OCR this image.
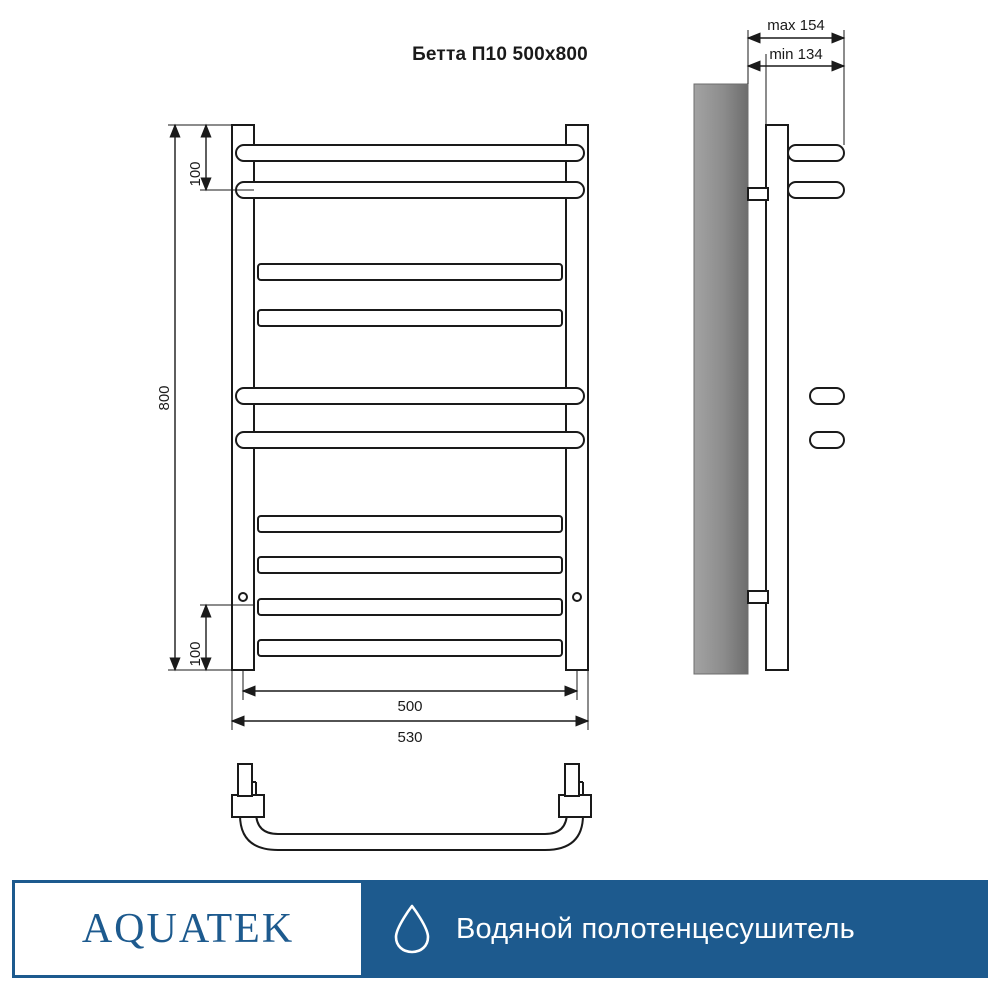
Бетта П10 500x800
100
100
800
500
530
max 154
min 134
AQUATEK	Водяной полотенцесушитель
